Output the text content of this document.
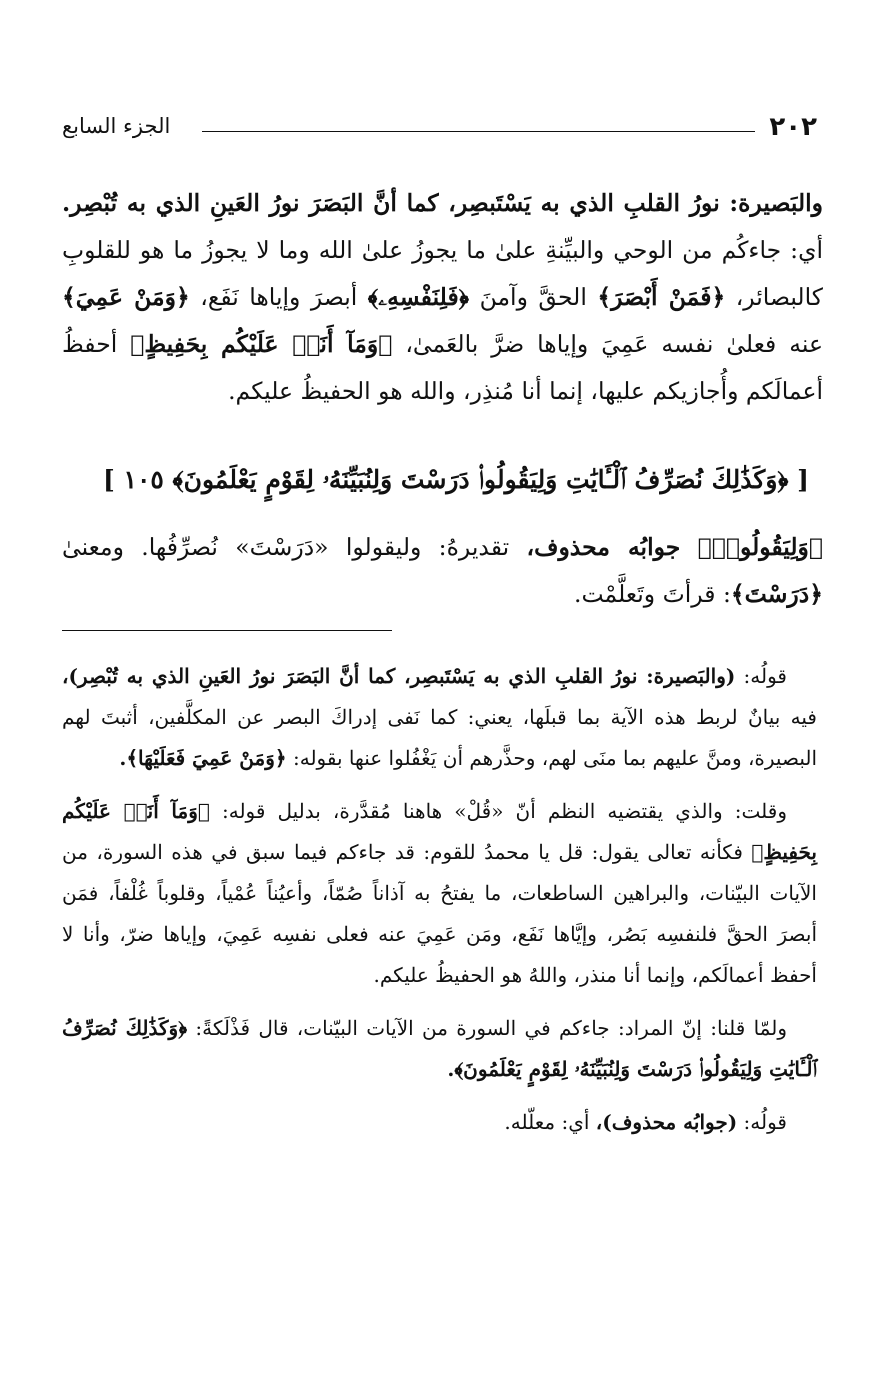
٢٠٢
الجزء السابع

والبَصيرة: نورُ القلبِ الذي به يَسْتَبصِر، كما أنَّ البَصَرَ نورُ العَينِ الذي به تُبْصِر. أي: جاءكُم من الوحي والبيِّنةِ علىٰ ما يجوزُ علىٰ الله وما لا يجوزُ ما هو للقلوبِ كالبصائر، ﴿فَمَنْ أَبْصَرَ﴾ الحقَّ وآمنَ ﴿فَلِنَفْسِهِۦ﴾ أبصرَ وإياها نَفَع، ﴿وَمَنْ عَمِيَ﴾ عنه فعلىٰ نفسه عَمِيَ وإياها ضرَّ بالعَمىٰ، ﴿وَمَآ أَنَا۠ عَلَيْكُم بِحَفِيظٍ﴾ أحفظُ أعمالَكم وأُجازيكم عليها، إنما أنا مُنذِر، والله هو الحفيظُ عليكم.

[ ﴿وَكَذَٰلِكَ نُصَرِّفُ ٱلْـَٔايَٰتِ وَلِيَقُولُوا۟ دَرَسْتَ وَلِنُبَيِّنَهُۥ لِقَوْمٍ يَعْلَمُونَ﴾ ١٠٥ ]

﴿وَلِيَقُولُوا۟﴾ جوابُه محذوف، تقديرهُ: وليقولوا «دَرَسْتَ» نُصرِّفُها. ومعنىٰ ﴿دَرَسْتَ﴾: قرأتَ وتَعلَّمْت.

قولُه: (والبَصيرة: نورُ القلبِ الذي به يَسْتَبصِر، كما أنَّ البَصَرَ نورُ العَينِ الذي به تُبْصِر)، فيه بيانٌ لربط هذه الآية بما قبلَها، يعني: كما نَفى إدراكَ البصر عن المكلَّفين، أثبتَ لهم البصيرة، ومنَّ عليهم بما منَى لهم، وحذَّرهم أن يَغْفُلوا عنها بقوله: ﴿وَمَنْ عَمِيَ فَعَلَيْهَا﴾.

وقلت: والذي يقتضيه النظم أنّ «قُلْ» هاهنا مُقدَّرة، بدليل قوله: ﴿وَمَآ أَنَا۠ عَلَيْكُم بِحَفِيظٍ﴾ فكأنه تعالى يقول: قل يا محمدُ للقوم: قد جاءكم فيما سبق في هذه السورة، من الآيات البيّنات، والبراهين الساطعات، ما يفتحُ به آذاناً صُمّاً، وأعيُناً عُمْياً، وقلوباً غُلْفاً، فمَن أبصرَ الحقَّ فلنفسِه بَصُر، وإيَّاها نَفَع، ومَن عَمِيَ عنه فعلى نفسِه عَمِيَ، وإياها ضرّ، وأنا لا أحفظ أعمالَكم، وإنما أنا منذر، واللهُ هو الحفيظُ عليكم.

ولمّا قلنا: إنّ المراد: جاءكم في السورة من الآيات البيّنات، قال فَذْلَكةً: ﴿وَكَذَٰلِكَ نُصَرِّفُ ٱلْـَٔايَٰتِ وَلِيَقُولُوا۟ دَرَسْتَ وَلِنُبَيِّنَهُۥ لِقَوْمٍ يَعْلَمُونَ﴾.

قولُه: (جوابُه محذوف)، أي: معلّله.
